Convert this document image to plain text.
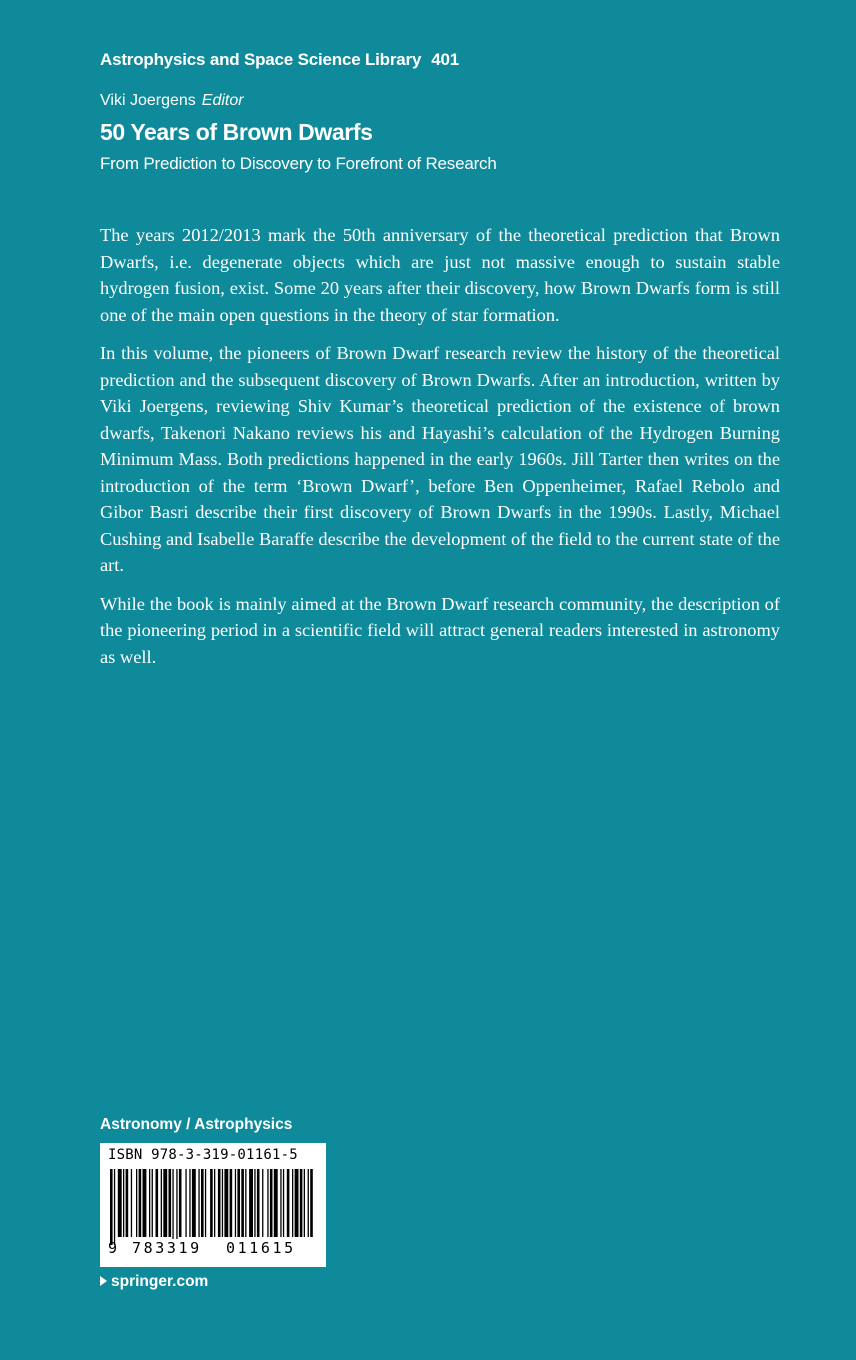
Astrophysics and Space Science Library 401
Viki Joergens Editor
50 Years of Brown Dwarfs
From Prediction to Discovery to Forefront of Research

The years 2012/2013 mark the 50th anniversary of the theoretical prediction that Brown Dwarfs, i.e. degenerate objects which are just not massive enough to sustain stable hydrogen fusion, exist. Some 20 years after their discovery, how Brown Dwarfs form is still one of the main open questions in the theory of star formation.

In this volume, the pioneers of Brown Dwarf research review the history of the theoretical prediction and the subsequent discovery of Brown Dwarfs. After an introduction, written by Viki Joergens, reviewing Shiv Kumar’s theoretical prediction of the existence of brown dwarfs, Takenori Nakano reviews his and Hayashi’s calculation of the Hydrogen Burning Minimum Mass. Both predictions happened in the early 1960s. Jill Tarter then writes on the introduction of the term ‘Brown Dwarf’, before Ben Oppenheimer, Rafael Rebolo and Gibor Basri describe their first discovery of Brown Dwarfs in the 1990s. Lastly, Michael Cushing and Isabelle Baraffe describe the development of the field to the current state of the art.

While the book is mainly aimed at the Brown Dwarf research community, the description of the pioneering period in a scientific field will attract general readers interested in astronomy as well.

Astronomy / Astrophysics
ISBN 978-3-319-01161-5
9 783319 011615
springer.com
